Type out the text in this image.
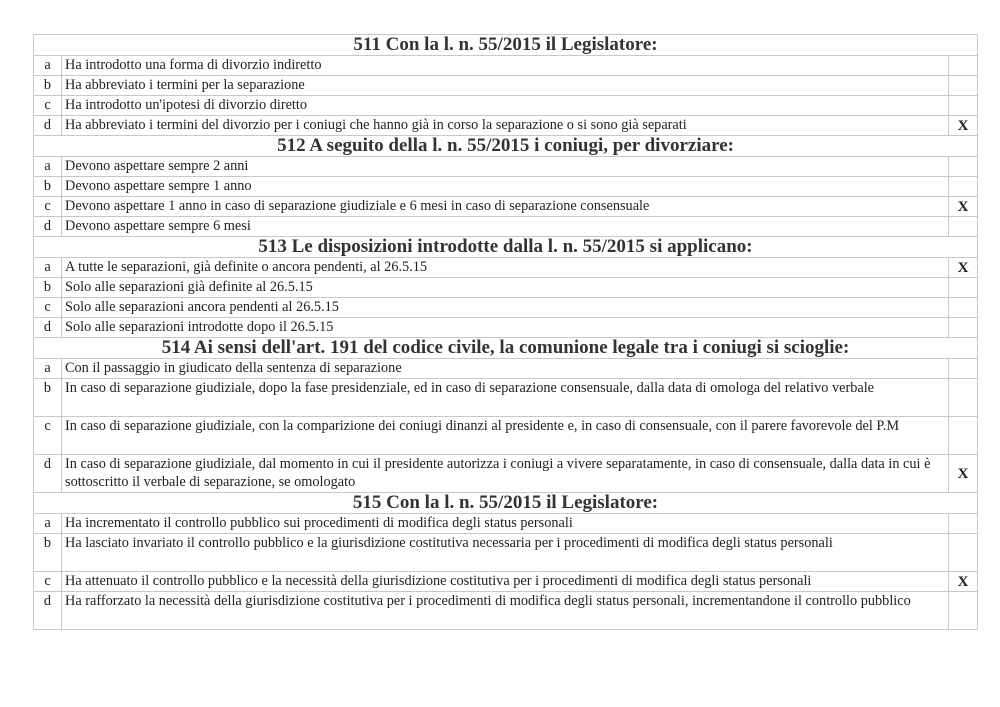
511 Con la l. n. 55/2015 il Legislatore:		
a	Ha introdotto una forma di divorzio indiretto	
b	Ha abbreviato i termini per la separazione	
c	Ha introdotto un'ipotesi di divorzio diretto	
d	Ha abbreviato i termini del divorzio per i coniugi che hanno già in corso la separazione o si sono già separati	X
512 A seguito della l. n. 55/2015 i coniugi, per divorziare:		
a	Devono aspettare sempre 2 anni	
b	Devono aspettare sempre 1 anno	
c	Devono aspettare 1 anno in caso di separazione giudiziale e 6 mesi in caso di separazione consensuale	X
d	Devono aspettare sempre 6 mesi	
513 Le disposizioni introdotte dalla l. n. 55/2015 si applicano:		
a	A tutte le separazioni, già definite o ancora pendenti, al 26.5.15	X
b	Solo alle separazioni già definite al 26.5.15	
c	Solo alle separazioni ancora pendenti al 26.5.15	
d	Solo alle separazioni introdotte dopo il 26.5.15	
514 Ai sensi dell'art. 191 del codice civile, la comunione legale tra i coniugi si scioglie:		
a	Con il passaggio in giudicato della sentenza di separazione	
b	In caso di separazione giudiziale, dopo la fase presidenziale, ed in caso di separazione consensuale, dalla data di omologa del relativo verbale	
c	In caso di separazione giudiziale, con la comparizione dei coniugi dinanzi al presidente e, in caso di consensuale, con il parere favorevole del P.M	
d	In caso di separazione giudiziale, dal momento in cui il presidente autorizza i coniugi a vivere separatamente, in caso di consensuale, dalla data in cui è sottoscritto il verbale di separazione, se omologato	X
515 Con la l. n. 55/2015 il Legislatore:		
a	Ha incrementato il controllo pubblico sui procedimenti di modifica degli status personali	
b	Ha lasciato invariato il controllo pubblico e la giurisdizione costitutiva necessaria per i procedimenti di modifica degli status personali	
c	Ha attenuato il controllo pubblico e la necessità della giurisdizione costitutiva per i procedimenti di modifica degli status personali	X
d	Ha rafforzato la necessità della giurisdizione costitutiva per i procedimenti di modifica degli status personali, incrementandone il controllo pubblico	
